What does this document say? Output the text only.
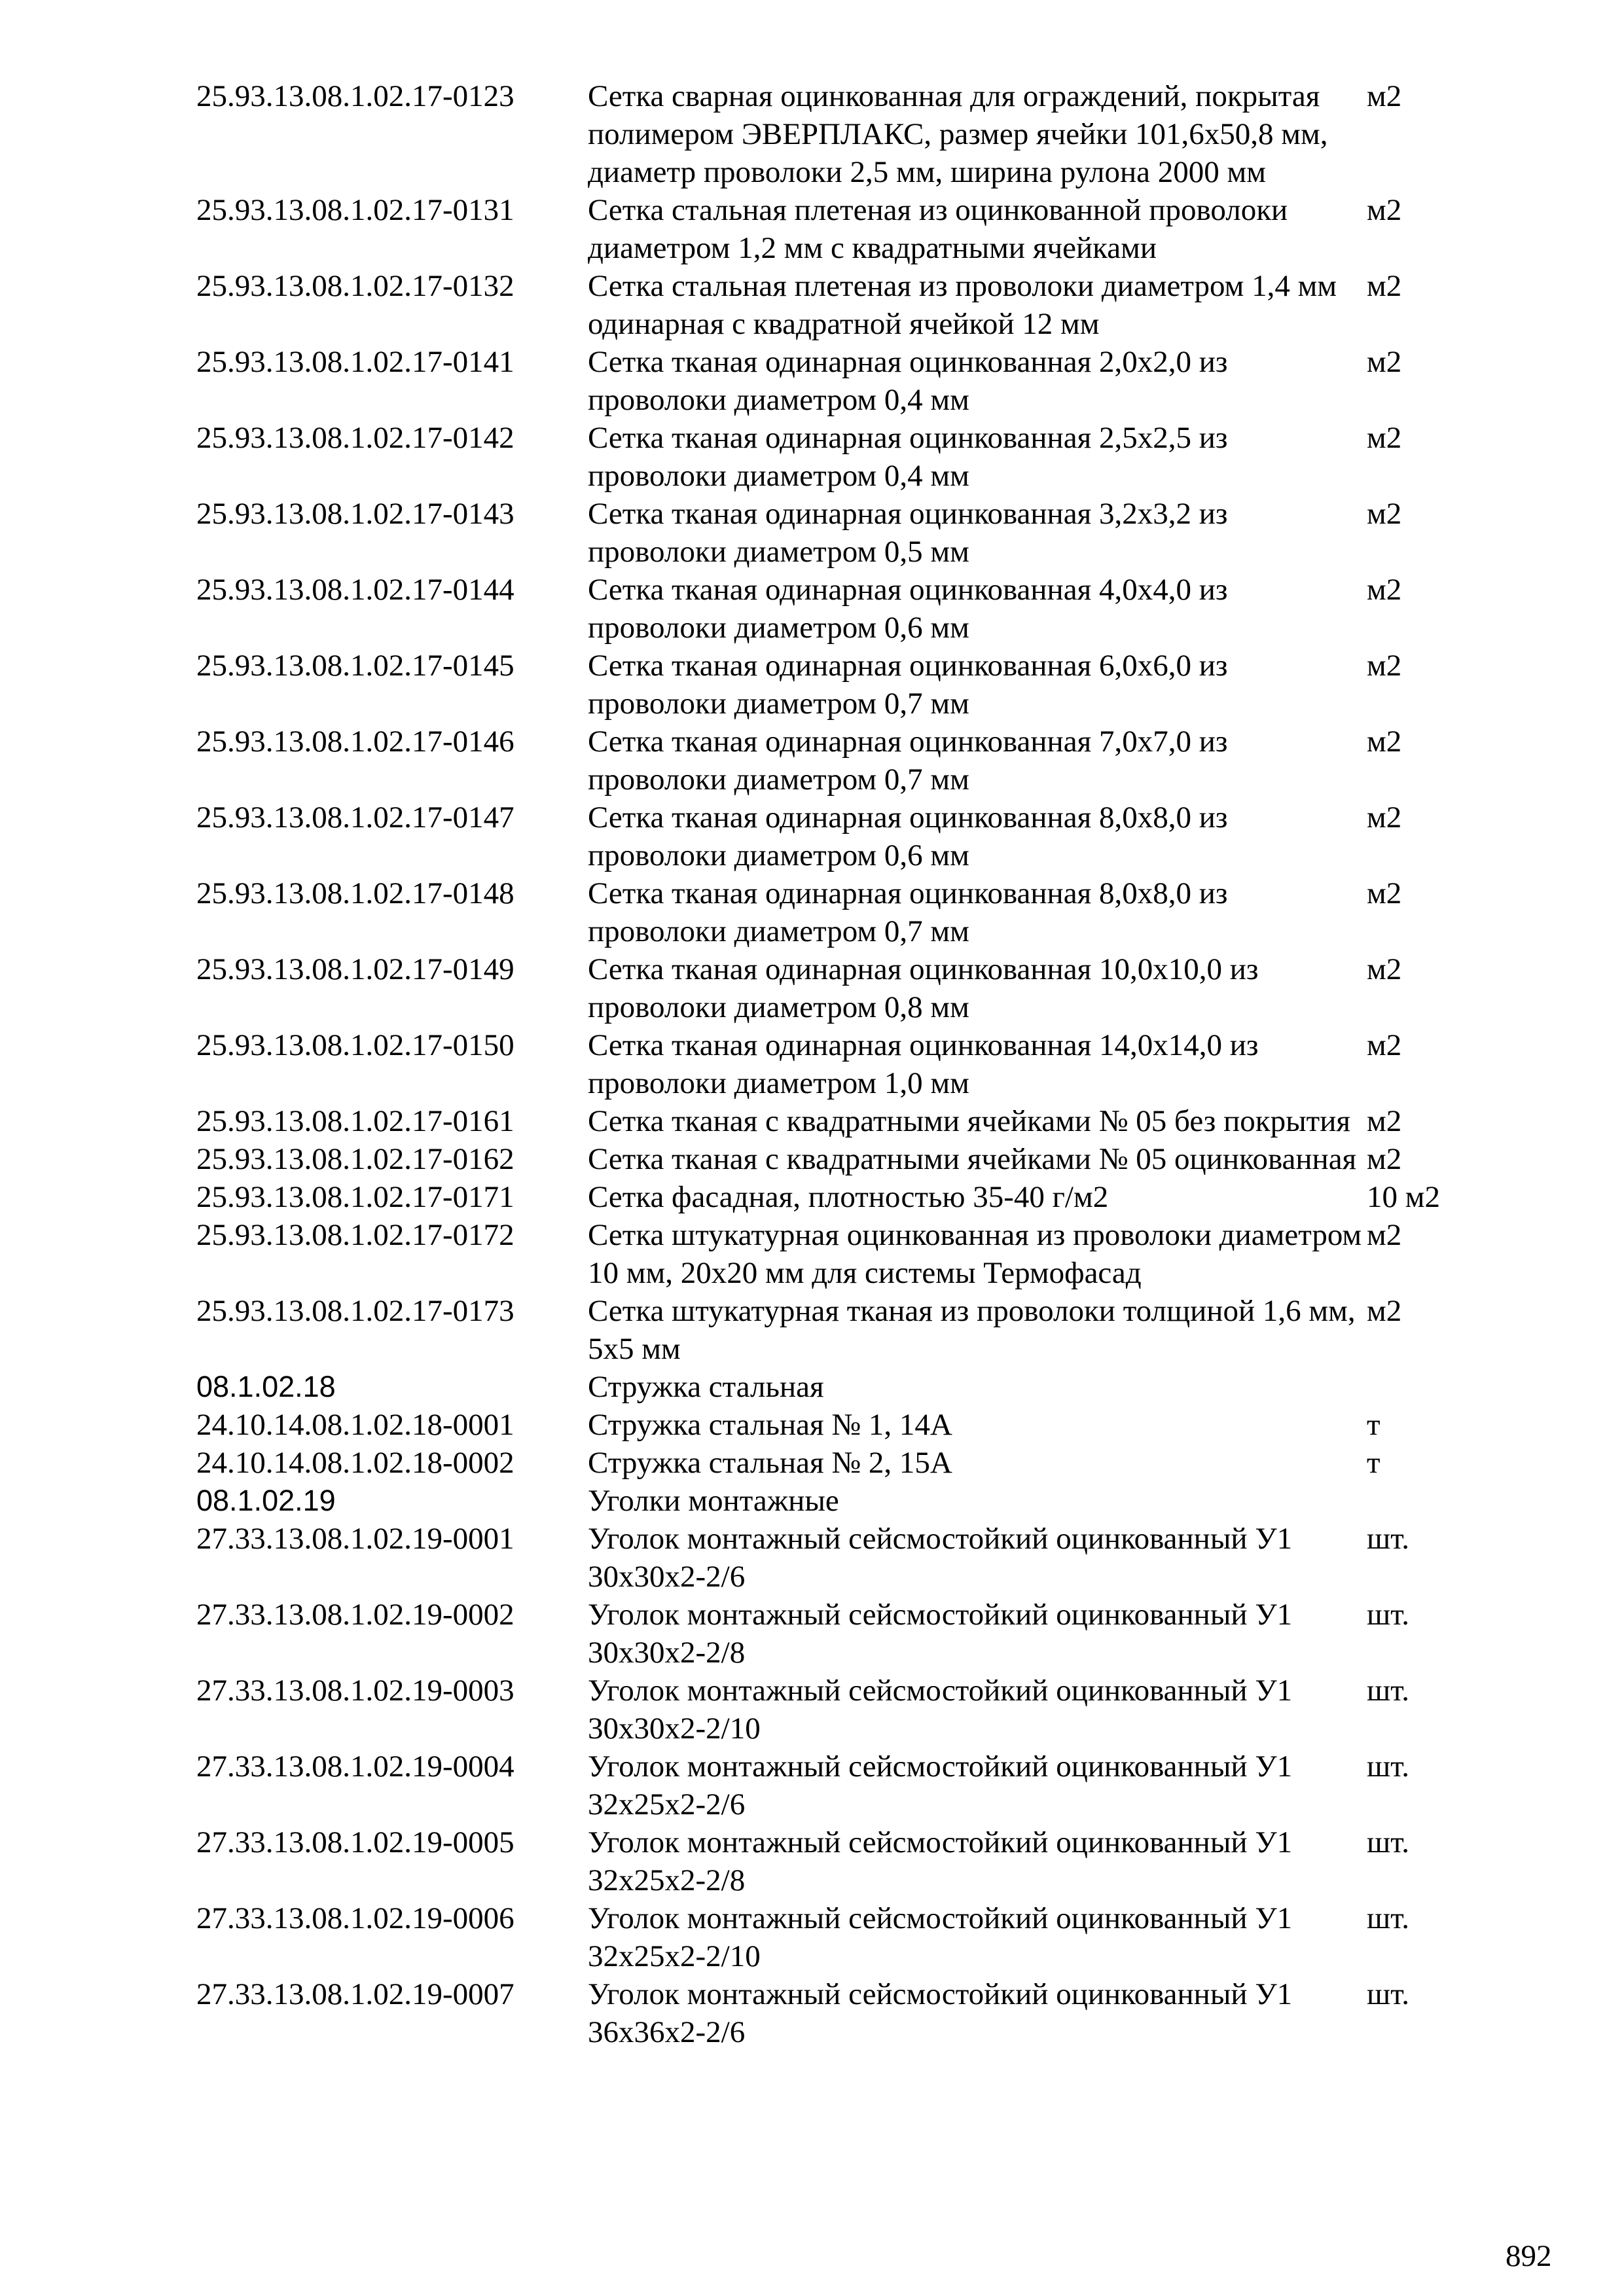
25.93.13.08.1.02.17-0123	Сетка сварная оцинкованная для ограждений, покрытая полимером ЭВЕРПЛАКС, размер ячейки 101,6х50,8 мм, диаметр проволоки 2,5 мм, ширина рулона 2000 мм	м2
25.93.13.08.1.02.17-0131	Сетка стальная плетеная из оцинкованной проволоки диаметром 1,2 мм с квадратными ячейками	м2
25.93.13.08.1.02.17-0132	Сетка стальная плетеная из проволоки диаметром 1,4 мм одинарная с квадратной ячейкой 12 мм	м2
25.93.13.08.1.02.17-0141	Сетка тканая одинарная оцинкованная 2,0х2,0 из проволоки диаметром 0,4 мм	м2
25.93.13.08.1.02.17-0142	Сетка тканая одинарная оцинкованная 2,5х2,5 из проволоки диаметром 0,4 мм	м2
25.93.13.08.1.02.17-0143	Сетка тканая одинарная оцинкованная 3,2х3,2 из проволоки диаметром 0,5 мм	м2
25.93.13.08.1.02.17-0144	Сетка тканая одинарная оцинкованная 4,0х4,0 из проволоки диаметром 0,6 мм	м2
25.93.13.08.1.02.17-0145	Сетка тканая одинарная оцинкованная 6,0х6,0 из проволоки диаметром 0,7 мм	м2
25.93.13.08.1.02.17-0146	Сетка тканая одинарная оцинкованная 7,0х7,0 из проволоки диаметром 0,7 мм	м2
25.93.13.08.1.02.17-0147	Сетка тканая одинарная оцинкованная 8,0х8,0 из проволоки диаметром 0,6 мм	м2
25.93.13.08.1.02.17-0148	Сетка тканая одинарная оцинкованная 8,0х8,0 из проволоки диаметром 0,7 мм	м2
25.93.13.08.1.02.17-0149	Сетка тканая одинарная оцинкованная 10,0х10,0 из проволоки диаметром 0,8 мм	м2
25.93.13.08.1.02.17-0150	Сетка тканая одинарная оцинкованная 14,0х14,0 из проволоки диаметром 1,0 мм	м2
25.93.13.08.1.02.17-0161	Сетка тканая с квадратными ячейками № 05 без покрытия	м2
25.93.13.08.1.02.17-0162	Сетка тканая с квадратными ячейками № 05 оцинкованная	м2
25.93.13.08.1.02.17-0171	Сетка фасадная, плотностью 35-40 г/м2	10 м2
25.93.13.08.1.02.17-0172	Сетка штукатурная оцинкованная из проволоки диаметром 10 мм, 20х20 мм для системы Термофасад	м2
25.93.13.08.1.02.17-0173	Сетка штукатурная тканая из проволоки толщиной 1,6 мм, 5х5 мм	м2
08.1.02.18	Стружка стальная	
24.10.14.08.1.02.18-0001	Стружка стальная № 1, 14А	т
24.10.14.08.1.02.18-0002	Стружка стальная № 2, 15А	т
08.1.02.19	Уголки монтажные	
27.33.13.08.1.02.19-0001	Уголок монтажный сейсмостойкий оцинкованный У1 30х30х2-2/6	шт.
27.33.13.08.1.02.19-0002	Уголок монтажный сейсмостойкий оцинкованный У1 30х30х2-2/8	шт.
27.33.13.08.1.02.19-0003	Уголок монтажный сейсмостойкий оцинкованный У1 30х30х2-2/10	шт.
27.33.13.08.1.02.19-0004	Уголок монтажный сейсмостойкий оцинкованный У1 32х25х2-2/6	шт.
27.33.13.08.1.02.19-0005	Уголок монтажный сейсмостойкий оцинкованный У1 32х25х2-2/8	шт.
27.33.13.08.1.02.19-0006	Уголок монтажный сейсмостойкий оцинкованный У1 32х25х2-2/10	шт.
27.33.13.08.1.02.19-0007	Уголок монтажный сейсмостойкий оцинкованный У1 36х36х2-2/6	шт.
892
